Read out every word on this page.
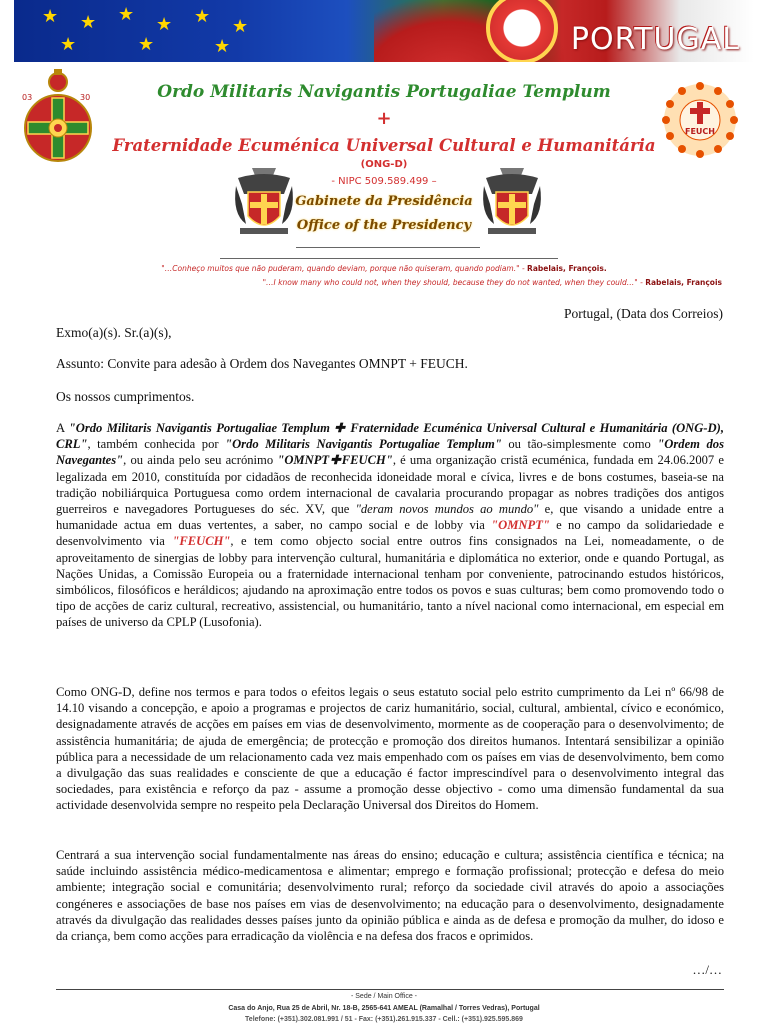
★ ★ ★ ★ ★ ★
★	★	★	PORTUGAL
03	30
FEUCH
Ordo Militaris Navigantis Portugaliae Templum
+
Fraternidade Ecuménica Universal Cultural e Humanitária
(ONG-D)
- NIPC 509.589.499 –
Gabinete da Presidência
Office of the Presidency
"…Conheço muitos que não puderam, quando deviam, porque não quiseram, quando podiam." - Rabelais, François.
"…I know many who could not, when they should, because they do not wanted, when they could…" - Rabelais, François
Portugal, (Data dos Correios)
Exmo(a)(s). Sr.(a)(s),
Assunto: Convite para adesão à Ordem dos Navegantes OMNPT + FEUCH.
Os nossos cumprimentos.

A "Ordo Militaris Navigantis Portugaliae Templum ✚ Fraternidade Ecuménica Universal Cultural e Humanitária (ONG-D), CRL", também conhecida por "Ordo Militaris Navigantis Portugaliae Templum" ou tão-simplesmente como "Ordem dos Navegantes", ou ainda pelo seu acrónimo "OMNPT✚FEUCH", é uma organização cristã ecuménica, fundada em 24.06.2007 e legalizada em 2010, constituída por cidadãos de reconhecida idoneidade moral e cívica, livres e de bons costumes, baseia-se na tradição nobiliárquica Portuguesa como ordem internacional de cavalaria procurando propagar as nobres tradições dos antigos guerreiros e navegadores Portugueses do séc. XV, que "deram novos mundos ao mundo" e, que visando a unidade entre a humanidade actua em duas vertentes, a saber, no campo social e de lobby via "OMNPT" e no campo da solidariedade e desenvolvimento via "FEUCH", e tem como objecto social entre outros fins consignados na Lei, nomeadamente, o de aproveitamento de sinergias de lobby para intervenção cultural, humanitária e diplomática no exterior, onde e quando Portugal, as Nações Unidas, a Comissão Europeia ou a fraternidade internacional tenham por conveniente, patrocinando estudos históricos, simbólicos, filosóficos e heráldicos; ajudando na aproximação entre todos os povos e suas culturas; bem como promovendo todo o tipo de acções de cariz cultural, recreativo, assistencial, ou humanitário, tanto a nível nacional como internacional, em especial em países de universo da CPLP (Lusofonia).

Como ONG-D, define nos termos e para todos o efeitos legais o seus estatuto social pelo estrito cumprimento da Lei nº 66/98 de 14.10 visando a concepção, e apoio a programas e projectos de cariz humanitário, social, cultural, ambiental, cívico e económico, designadamente através de acções em países em vias de desenvolvimento, mormente as de cooperação para o desenvolvimento; de assistência humanitária; de ajuda de emergência; de protecção e promoção dos direitos humanos. Intentará sensibilizar a opinião pública para a necessidade de um relacionamento cada vez mais empenhado com os países em vias de desenvolvimento, bem como a divulgação das suas realidades e consciente de que a educação é factor imprescindível para o desenvolvimento integral das sociedades, para existência e reforço da paz - assume a promoção desse objectivo - como uma dimensão fundamental da sua actividade desenvolvida sempre no respeito pela Declaração Universal dos Direitos do Homem.

Centrará a sua intervenção social fundamentalmente nas áreas do ensino; educação e cultura; assistência científica e técnica; na saúde incluindo assistência médico-medicamentosa e alimentar; emprego e formação profissional; protecção e defesa do meio ambiente; integração social e comunitária; desenvolvimento rural; reforço da sociedade civil através do apoio a associações congéneres e associações de base nos países em vias de desenvolvimento; na educação para o desenvolvimento, designadamente através da divulgação das realidades desses países junto da opinião pública e ainda as de defesa e promoção da mulher, do idoso e da criança, bem como acções para erradicação da violência e na defesa dos fracos e oprimidos.

…/…
- Sede / Main Office -
Casa do Anjo, Rua 25 de Abril, Nr. 18-B, 2565-641 AMEAL (Ramalhal / Torres Vedras), Portugal
Telefone: (+351).302.081.991 / 51 - Fax: (+351).261.915.337 - Cell.: (+351).925.595.869
